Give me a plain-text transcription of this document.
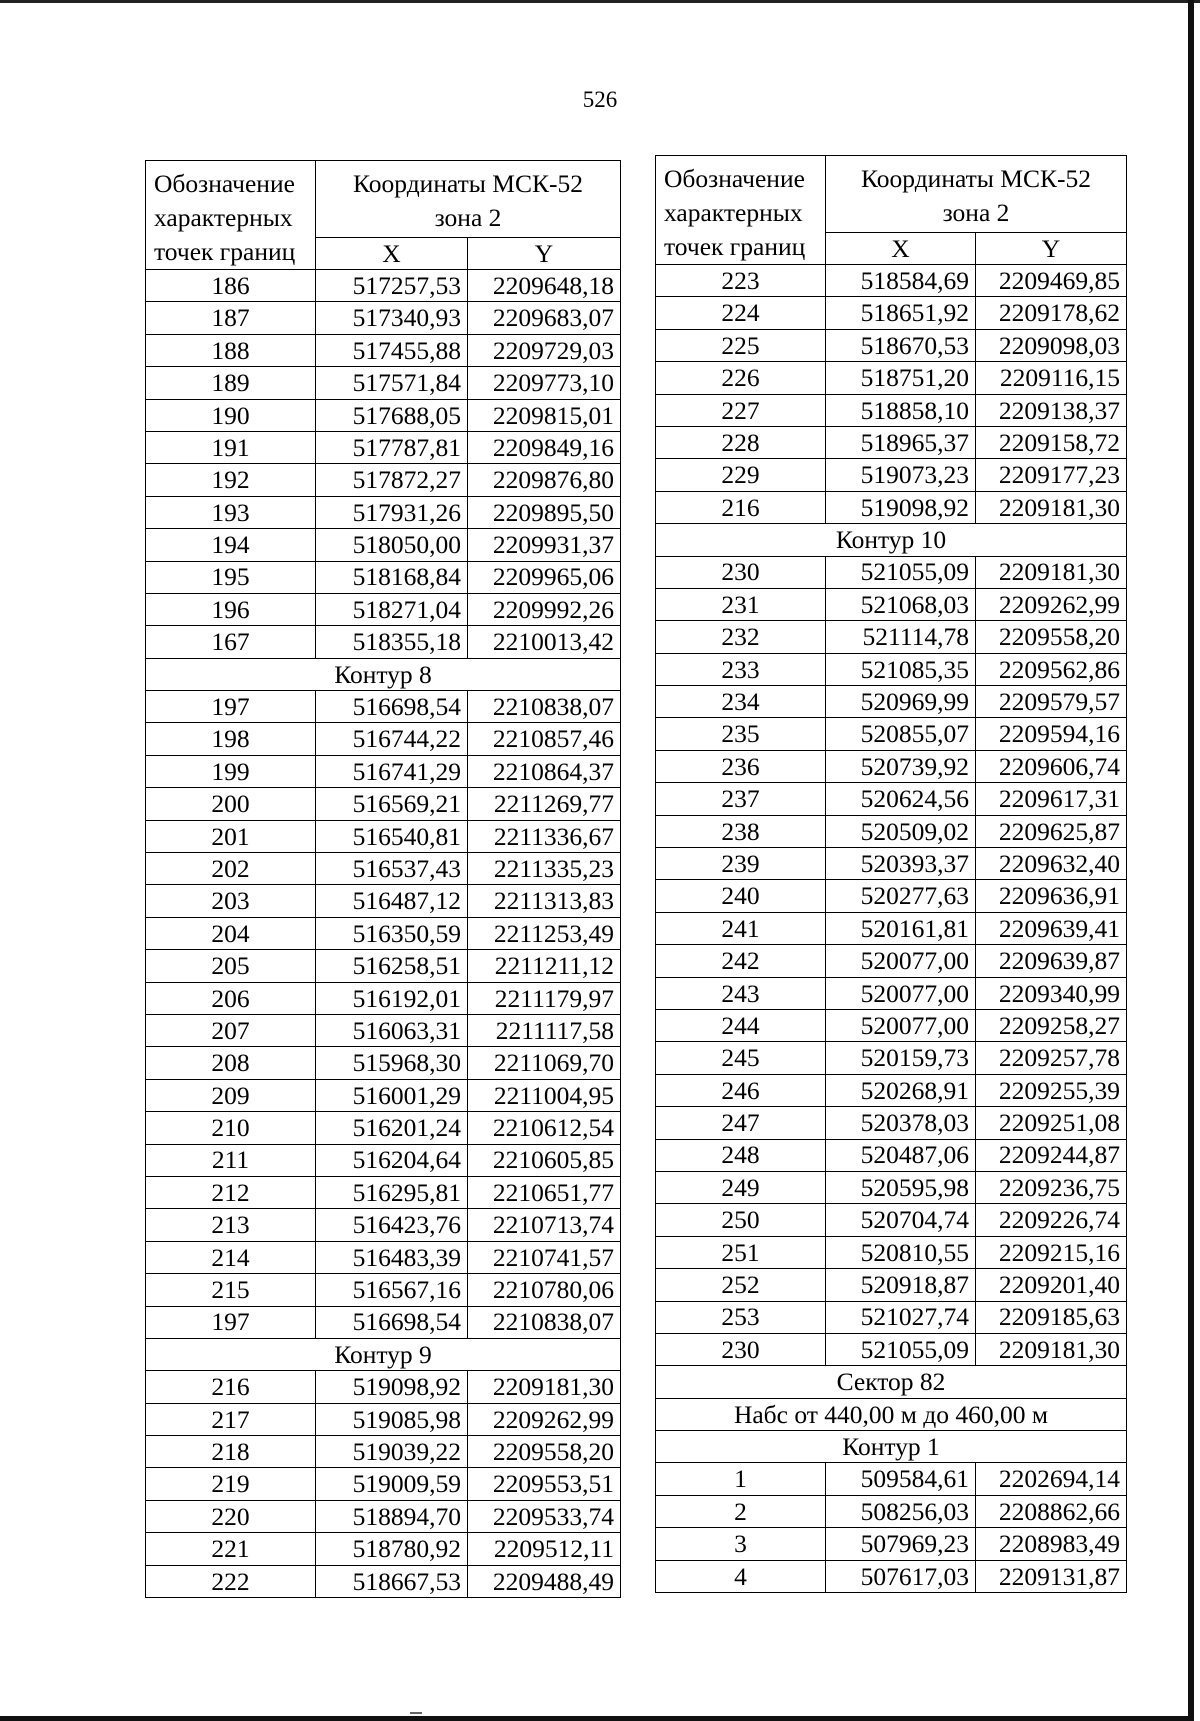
526
Обозначение характерных точек границ	Координаты МСК-52
зона 2	

	X	Y
186	517257,53	2209648,18
187	517340,93	2209683,07
188	517455,88	2209729,03
189	517571,84	2209773,10
190	517688,05	2209815,01
191	517787,81	2209849,16
192	517872,27	2209876,80
193	517931,26	2209895,50
194	518050,00	2209931,37
195	518168,84	2209965,06
196	518271,04	2209992,26
167	518355,18	2210013,42
Контур 8		
197	516698,54	2210838,07
198	516744,22	2210857,46
199	516741,29	2210864,37
200	516569,21	2211269,77
201	516540,81	2211336,67
202	516537,43	2211335,23
203	516487,12	2211313,83
204	516350,59	2211253,49
205	516258,51	2211211,12
206	516192,01	2211179,97
207	516063,31	2211117,58
208	515968,30	2211069,70
209	516001,29	2211004,95
210	516201,24	2210612,54
211	516204,64	2210605,85
212	516295,81	2210651,77
213	516423,76	2210713,74
214	516483,39	2210741,57
215	516567,16	2210780,06
197	516698,54	2210838,07
Контур 9		
216	519098,92	2209181,30
217	519085,98	2209262,99
218	519039,22	2209558,20
219	519009,59	2209553,51
220	518894,70	2209533,74
221	518780,92	2209512,11
222	518667,53	2209488,49
Обозначение характерных точек границ	Координаты МСК-52
зона 2	

	X	Y
223	518584,69	2209469,85
224	518651,92	2209178,62
225	518670,53	2209098,03
226	518751,20	2209116,15
227	518858,10	2209138,37
228	518965,37	2209158,72
229	519073,23	2209177,23
216	519098,92	2209181,30
Контур 10		
230	521055,09	2209181,30
231	521068,03	2209262,99
232	521114,78	2209558,20
233	521085,35	2209562,86
234	520969,99	2209579,57
235	520855,07	2209594,16
236	520739,92	2209606,74
237	520624,56	2209617,31
238	520509,02	2209625,87
239	520393,37	2209632,40
240	520277,63	2209636,91
241	520161,81	2209639,41
242	520077,00	2209639,87
243	520077,00	2209340,99
244	520077,00	2209258,27
245	520159,73	2209257,78
246	520268,91	2209255,39
247	520378,03	2209251,08
248	520487,06	2209244,87
249	520595,98	2209236,75
250	520704,74	2209226,74
251	520810,55	2209215,16
252	520918,87	2209201,40
253	521027,74	2209185,63
230	521055,09	2209181,30
Сектор 82		
Набс от 440,00 м до 460,00 м		
Контур 1		
1	509584,61	2202694,14
2	508256,03	2208862,66
3	507969,23	2208983,49
4	507617,03	2209131,87
